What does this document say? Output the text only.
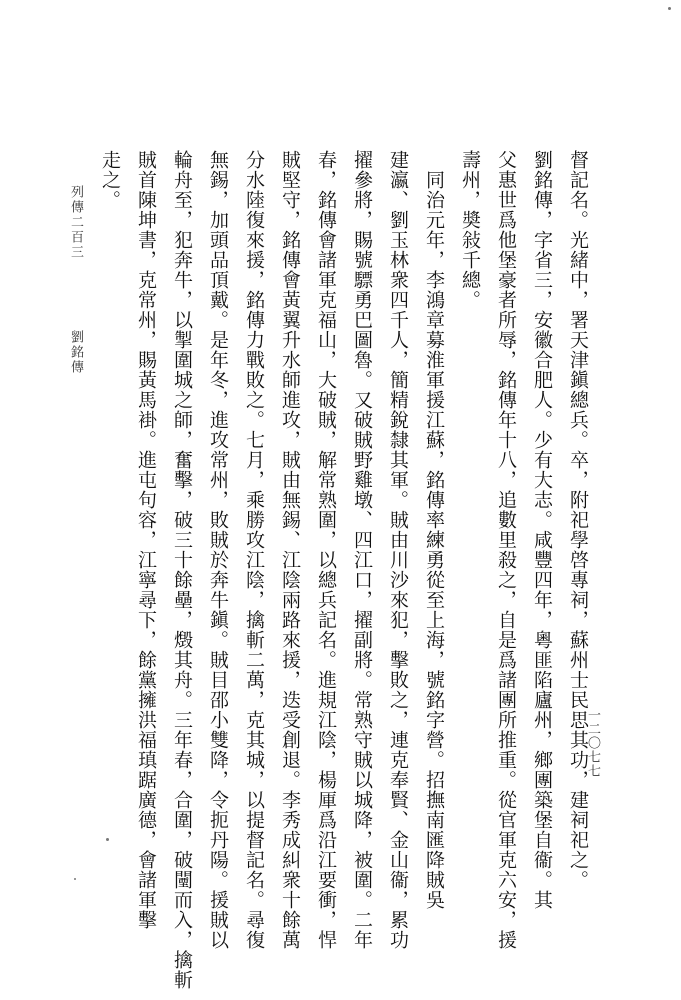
督記名。光緒中，署天津鎭總兵。卒，附祀學啓專祠，蘇州士民思其功，建祠祀之。
劉銘傳，字省三，安徽合肥人。少有大志。咸豐四年，粵匪陷廬州，鄉團築堡自衞。其
父惠世爲他堡豪者所辱，銘傳年十八，追數里殺之，自是爲諸團所推重。從官軍克六安，援
壽州，奬敍千總。
同治元年，李鴻章募淮軍援江蘇，銘傳率練勇從至上海，號銘字營。招撫南匯降賊吳
建瀛、劉玉林衆四千人，簡精銳隸其軍。賊由川沙來犯，擊敗之，連克奉賢、金山衞，累功
擢參將，賜號驃勇巴圖魯。又破賊野雞墩、四江口，擢副將。常熟守賊以城降，被圍。二年
春，銘傳會諸軍克福山，大破賊，解常熟圍，以總兵記名。進規江陰，楊厙爲沿江要衝，悍
賊堅守，銘傳會黃翼升水師進攻，賊由無錫、江陰兩路來援，迭受創退。李秀成糾衆十餘萬
分水陸復來援，銘傳力戰敗之。七月，乘勝攻江陰，擒斬二萬，克其城，以提督記名。尋復
無錫，加頭品頂戴。是年冬，進攻常州，敗賊於奔牛鎭。賊目邵小雙降，令扼丹陽。援賊以
輪舟至，犯奔牛，以掣圍城之師，奮擊，破三十餘壘，燬其舟。三年春，合圍，破闉而入，擒斬
賊首陳坤書，克常州，賜黃馬褂。進屯句容，江寧尋下，餘黨擁洪福瑱踞廣德，會諸軍擊
走之。
列傳二百三
劉銘傳
一二〇七七
